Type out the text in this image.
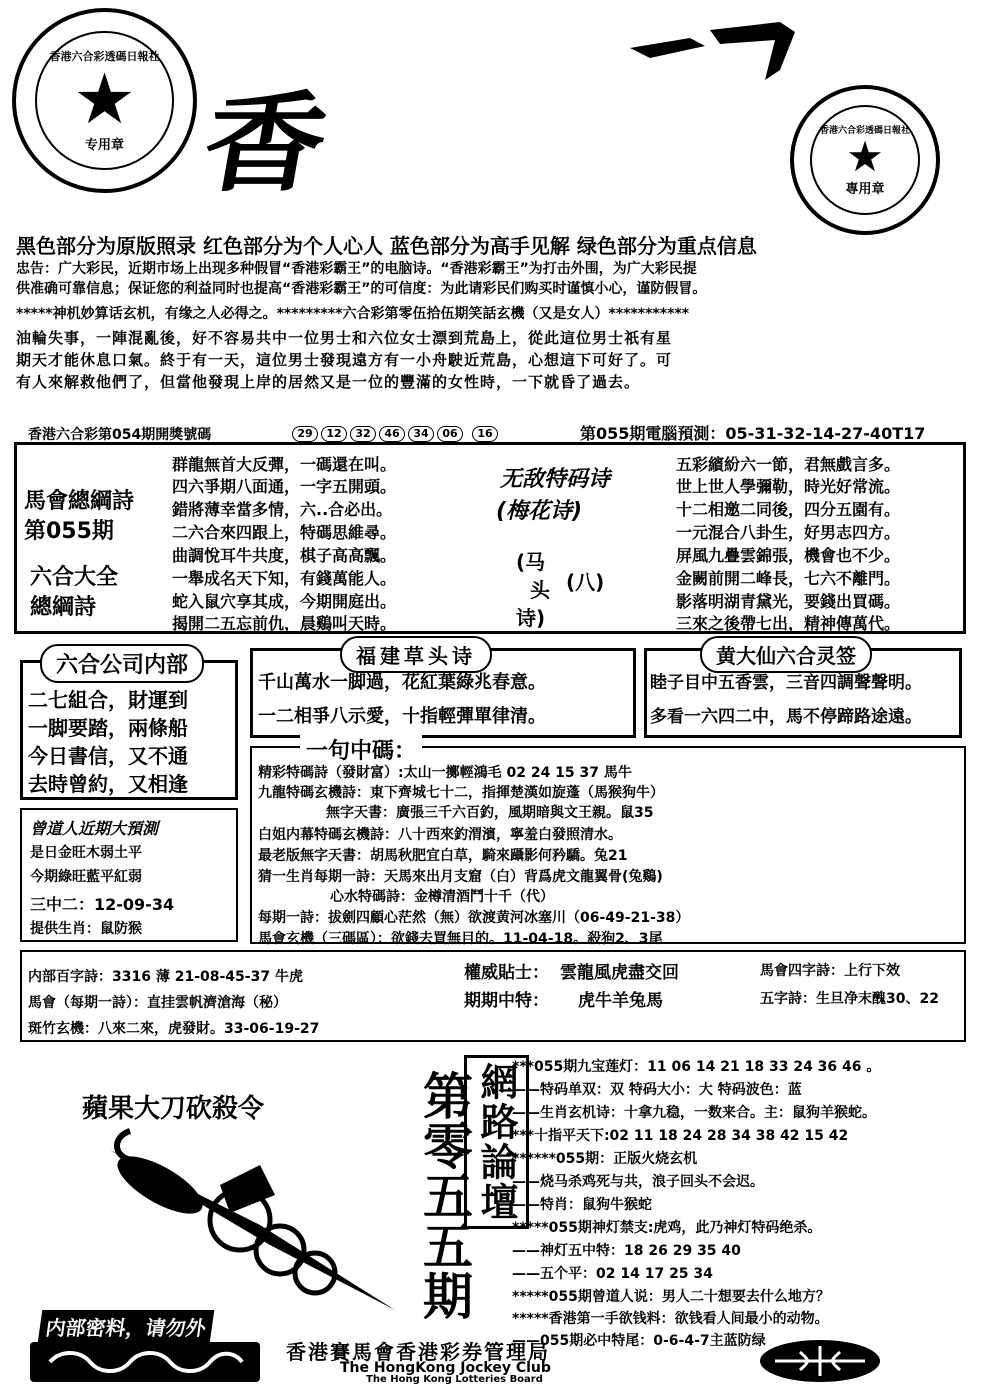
香港六合彩透碼日報社
★
专用章 香	香港六合彩透碼日報社
★
專用章
黑色部分为原版照录 红色部分为个人心人 蓝色部分为高手见解 绿色部分为重点信息
忠告：广大彩民，近期市场上出现多种假冒“香港彩霸王”的电脑诗。“香港彩霸王”为打击外围，为广大彩民提
供准确可靠信息；保证您的利益同时也提高“香港彩霸王”的可信度：为此请彩民们购买时谨慎小心，谨防假冒。
*****神机妙算话玄机，有缘之人必得之。*********六合彩第零伍拾伍期笑話玄機（又是女人）***********
油輪失事，一陣混亂後，好不容易共中一位男士和六位女士漂到荒島上，從此這位男士祇有星
期天才能休息口氣。終于有一天，這位男士發現遠方有一小舟駛近荒島，心想這下可好了。可
有人來解救他們了，但當他發現上岸的居然又是一位的豐滿的女性時，一下就昏了過去。
香港六合彩第054期開獎號碼	29 12 32 46 34 06 16	第055期電腦預測：05-31-32-14-27-40T17
馬會總綱詩
第055期
六合大全
總綱詩
群龍無首大反彈，一碼還在叫。
四六爭期八面通，一字五開頭。
錯將薄幸當多情，六..合必出。
二六合來四跟上，特碼思維尋。
曲調悅耳牛共度，棋子高高飄。
一舉成名天下知，有錢萬能人。
蛇入鼠穴享其成，今期開庭出。
揭開二五忘前仇，晨鷄叫天時。
无敌特码诗
(梅花诗)
(马
头
诗)
(八)
五彩繽紛六一節，君無戲言多。
世上世人學彌勒，時光好常流。
十二相邀二同後，四分五園有。
一元混合八卦生，好男志四方。
屏風九疊雲錦張，機會也不少。
金闕前開二峰長，七六不離門。
影落明湖青黛光，要錢出買碼。
三來之後帶七出，精神傳萬代。
六合公司内部
二七組合，財運到
一脚要踏，兩條船
今日書信，又不通
去時曾約，又相逢
福建草头诗
千山萬水一脚過，花紅葉綠兆春意。
一二相爭八示愛，十指輕彈單律清。
黄大仙六合灵签
睦子目中五香雲，三音四調聲聲明。
多看一六四二中，馬不停蹄路途遠。
曾道人近期大預測
是日金旺木弱土平
今期綠旺藍平紅弱
三中二：12-09-34
提供生肖：鼠防猴
一句中碼：
精彩特碼詩（發財富）:太山一擲輕鴻毛 02 24 15 37 馬牛
九龍特碼玄機詩：東下齊城七十二，指揮楚漢如旋蓬（馬猴狗牛）
無字天書：廣張三千六百釣，風期暗與文王親。鼠35
白姐内幕特碼玄機詩：八十西來釣渭濱，寧羞白發照清水。
最老版無字天書：胡馬秋肥宜白草，騎來躡影何矜驕。兔21
猜一生肖每期一詩：天馬來出月支窟（白）背爲虎文龍翼骨(兔鷄)
心水特碼詩：金樽清酒鬥十千（代）
每期一詩：拔劍四顧心茫然（無）欲渡黄河冰塞川（06-49-21-38）
馬會玄機（三碼區）：欲錢去買無目的。11-04-18。殺狗2、3尾
内部百字詩：3316 薄 21-08-45-37 牛虎
馬會（每期一詩）：直挂雲帆濟滄海（秘）
斑竹玄機：八來二來，虎發財。33-06-19-27
權威貼士： 雲龍風虎盡交回
期期中特： 虎牛羊兔馬
馬會四字詩：上行下效
五字詩：生旦净末醜30、22
蘋果大刀砍殺令
内部密料，请勿外
網路論壇
第零五五期
***055期九宝莲灯：11 06 14 21 18 33 24 36 46 。
——特码单双：双 特码大小：大 特码波色：蓝
——生肖玄机诗：十拿九稳，一数来合。主：鼠狗羊猴蛇。
***十指平天下:02 11 18 24 28 34 38 42 15 42
******055期：正版火烧玄机
——烧马杀鸡死与共，浪子回头不会迟。
——特肖：鼠狗牛猴蛇
*****055期神灯禁支:虎鸡，此乃神灯特码绝杀。
——神灯五中特：18 26 29 35 40
——五个平：02 14 17 25 34
*****055期曾道人说：男人二十想要去什么地方？
*****香港第一手欲钱料：欲钱看人间最小的动物。
——055期必中特尾：0-6-4-7主蓝防绿
香港賽馬會香港彩券管理局
The HongKong Jockey Club
The Hong Kong Lotteries Board
